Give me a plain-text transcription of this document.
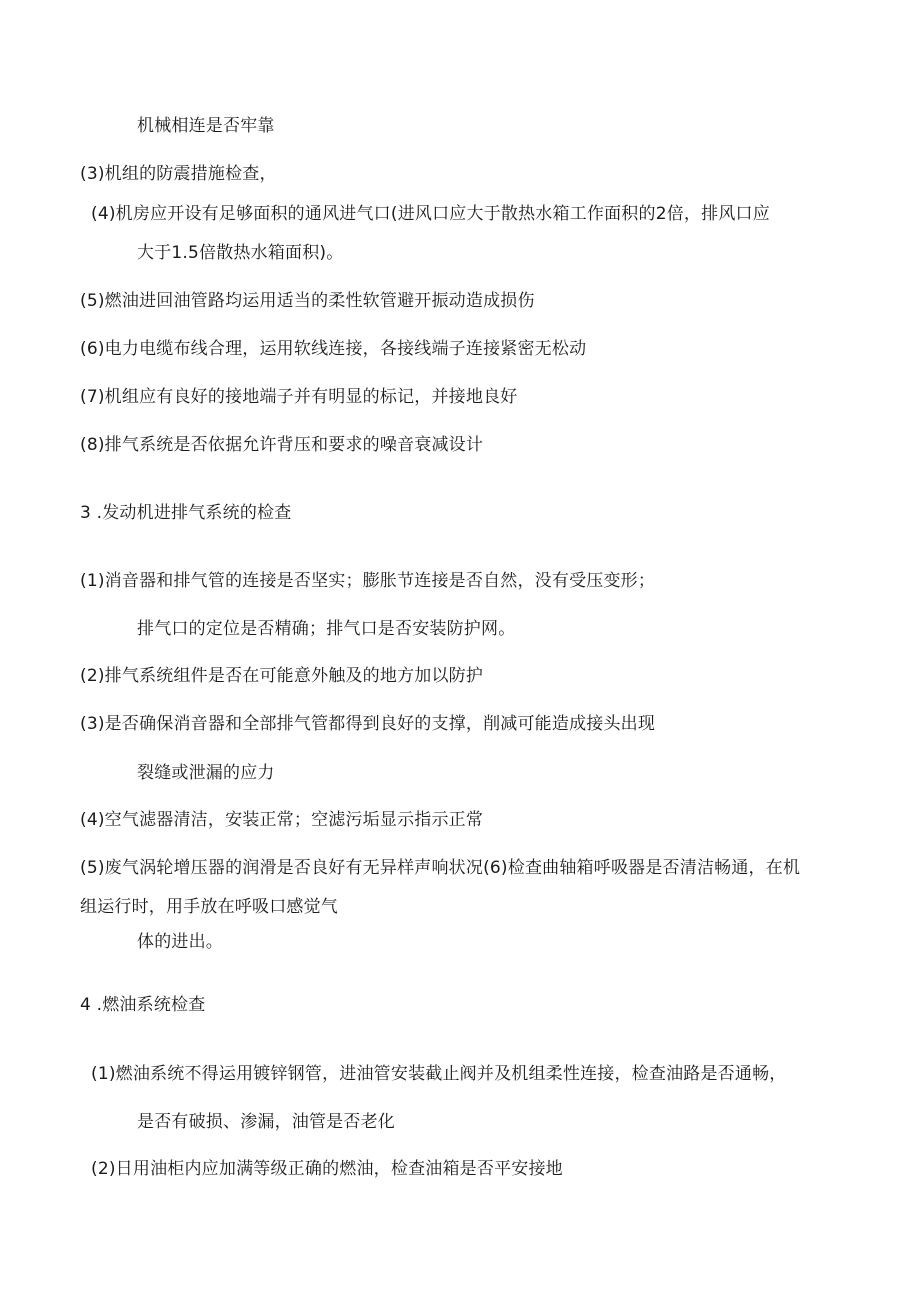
机械相连是否牢靠
(3)机组的防震措施检查，
(4)机房应开设有足够面积的通风进气口(进风口应大于散热水箱工作面积的2倍，排风口应
大于1.5倍散热水箱面积)。
(5)燃油进回油管路均运用适当的柔性软管避开振动造成损伤
(6)电力电缆布线合理，运用软线连接，各接线端子连接紧密无松动
(7)机组应有良好的接地端子并有明显的标记，并接地良好
(8)排气系统是否依据允许背压和要求的噪音衰减设计
3 .发动机进排气系统的检查
(1)消音器和排气管的连接是否坚实；膨胀节连接是否自然，没有受压变形；
排气口的定位是否精确；排气口是否安装防护网。
(2)排气系统组件是否在可能意外触及的地方加以防护
(3)是否确保消音器和全部排气管都得到良好的支撑，削减可能造成接头出现
裂缝或泄漏的应力
(4)空气滤器清洁，安装正常；空滤污垢显示指示正常
(5)废气涡轮增压器的润滑是否良好有无异样声响状况(6)检查曲轴箱呼吸器是否清洁畅通，在机
组运行时，用手放在呼吸口感觉气
体的进出。
4 .燃油系统检查
(1)燃油系统不得运用镀锌钢管，进油管安装截止阀并及机组柔性连接，检查油路是否通畅，
是否有破损、渗漏，油管是否老化
(2)日用油柜内应加满等级正确的燃油，检查油箱是否平安接地
